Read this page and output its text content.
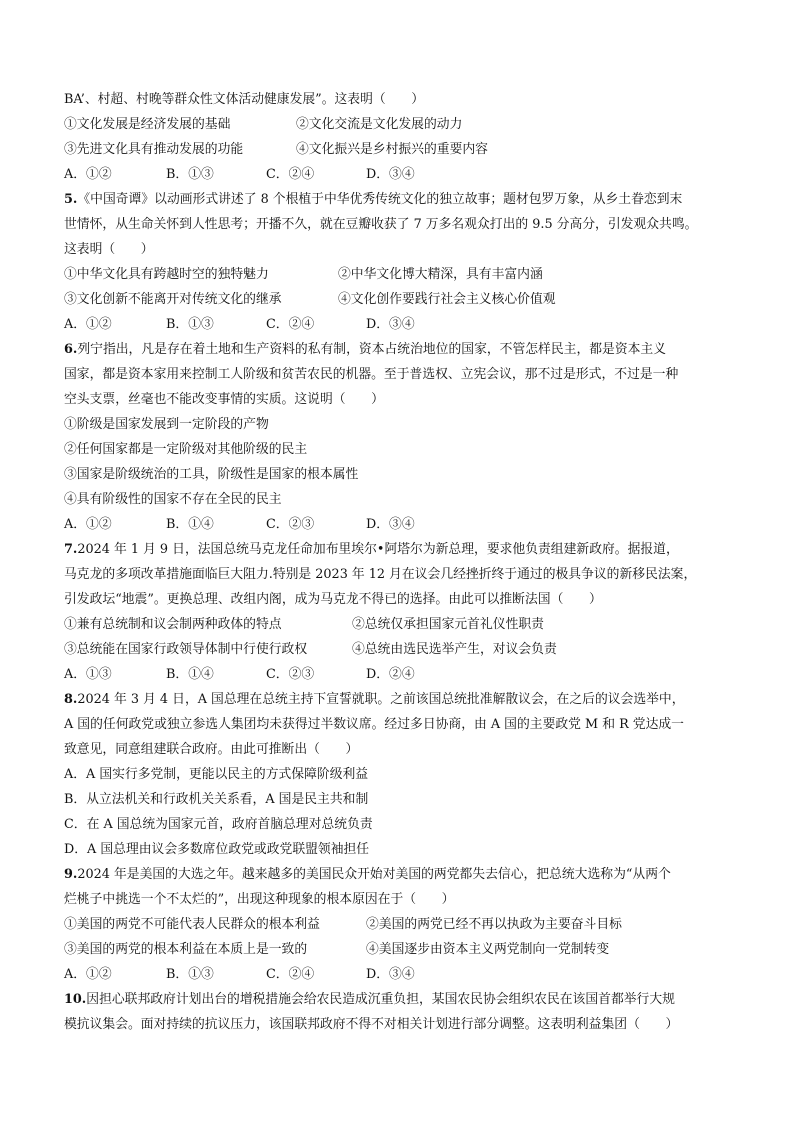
BA’、村超、村晚等群众性文体活动健康发展”。这表明（　　）
①文化发展是经济发展的基础	②文化交流是文化发展的动力
③先进文化具有推动发展的功能	④文化振兴是乡村振兴的重要内容
A．①②	B．①③	C．②④	D．③④
5.《中国奇谭》以动画形式讲述了 8 个根植于中华优秀传统文化的独立故事；题材包罗万象，从乡土眷恋到末
世情怀，从生命关怀到人性思考；开播不久，就在豆瓣收获了 7 万多名观众打出的 9.5 分高分，引发观众共鸣。
这表明（　　）
①中华文化具有跨越时空的独特魅力	②中华文化博大精深，具有丰富内涵
③文化创新不能离开对传统文化的继承	④文化创作要践行社会主义核心价值观
A．①②	B．①③	C．②④	D．③④
6.列宁指出，凡是存在着土地和生产资料的私有制，资本占统治地位的国家，不管怎样民主，都是资本主义
国家，都是资本家用来控制工人阶级和贫苦农民的机器。至于普选权、立宪会议，那不过是形式，不过是一种
空头支票，丝毫也不能改变事情的实质。这说明（　　）
①阶级是国家发展到一定阶段的产物
②任何国家都是一定阶级对其他阶级的民主
③国家是阶级统治的工具，阶级性是国家的根本属性
④具有阶级性的国家不存在全民的民主
A．①②	B．①④	C．②③	D．③④
7.2024 年 1 月 9 日，法国总统马克龙任命加布里埃尔•阿塔尔为新总理，要求他负责组建新政府。据报道，
马克龙的多项改革措施面临巨大阻力.特别是 2023 年 12 月在议会几经挫折终于通过的极具争议的新移民法案，
引发政坛“地震”。更换总理、改组内阁，成为马克龙不得已的选择。由此可以推断法国（　　）
①兼有总统制和议会制两种政体的特点	②总统仅承担国家元首礼仪性职责
③总统能在国家行政领导体制中行使行政权	④总统由选民选举产生，对议会负责
A．①③	B．①④	C．②③	D．②④
8.2024 年 3 月 4 日，A 国总理在总统主持下宣誓就职。之前该国总统批准解散议会，在之后的议会选举中，
A 国的任何政党或独立参选人集团均未获得过半数议席。经过多日协商，由 A 国的主要政党 M 和 R 党达成一
致意见，同意组建联合政府。由此可推断出（　　）
A．A 国实行多党制，更能以民主的方式保障阶级利益
B．从立法机关和行政机关关系看，A 国是民主共和制
C．在 A 国总统为国家元首，政府首脑总理对总统负责
D．A 国总理由议会多数席位政党或政党联盟领袖担任
9.2024 年是美国的大选之年。越来越多的美国民众开始对美国的两党都失去信心，把总统大选称为“从两个
烂桃子中挑选一个不太烂的”，出现这种现象的根本原因在于（　　）
①美国的两党不可能代表人民群众的根本利益	②美国的两党已经不再以执政为主要奋斗目标
③美国的两党的根本利益在本质上是一致的	④美国逐步由资本主义两党制向一党制转变
A．①②	B．①③	C．②④	D．③④
10.因担心联邦政府计划出台的增税措施会给农民造成沉重负担，某国农民协会组织农民在该国首都举行大规
模抗议集会。面对持续的抗议压力，该国联邦政府不得不对相关计划进行部分调整。这表明利益集团（　　）
